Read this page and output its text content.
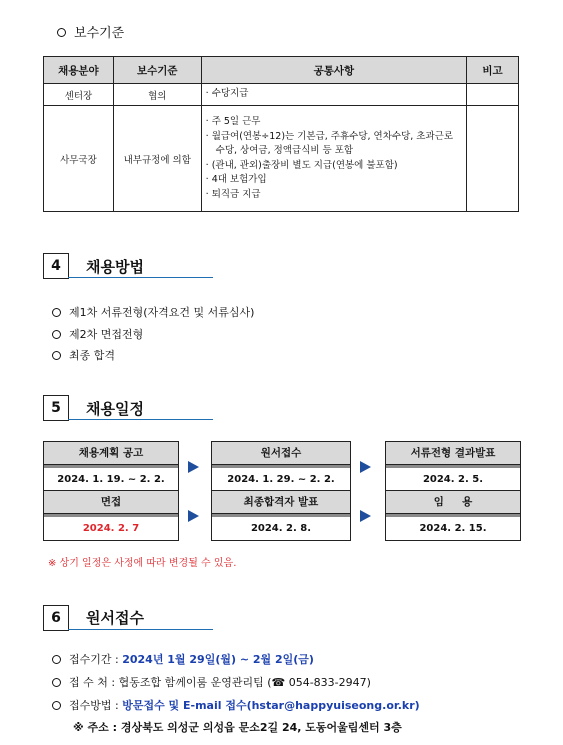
보수기준
채용분야	보수기준	공통사항	비고
센터장	협의	· 수당지급	

사무국장	내부규정에 의함	· 주 5일 근무
· 월급여(연봉÷12)는 기본급, 주휴수당, 연차수당, 초과근로수당, 상여금, 정액급식비 등 포함
· (관내, 관외)출장비 별도 지급(연봉에 불포함)
· 4대 보험가입
· 퇴직금 지급	

4	채용방법
제1차 서류전형(자격요건 및 서류심사)
제2차 면접전형
최종 합격
5	채용일정
채용계획 공고
2024. 1. 19. ~ 2. 2.
원서접수
2024. 1. 29. ~ 2. 2.
서류전형 결과발표
2024. 2. 5.
면접
2024. 2. 7
최종합격자 발표
2024. 2. 8.
임     용
2024. 2. 15.
※ 상기 일정은 사정에 따라 변경될 수 있음.
6	원서접수
접수기간 : 2024년 1월 29일(월) ~ 2월 2일(금)
접 수 처 : 협동조합 함께이룸 운영관리팀 (☎ 054-833-2947)
접수방법 : 방문접수 및 E-mail 접수(hstar@happyuiseong.or.kr)
※ 주소 : 경상북도 의성군 의성읍 문소2길 24, 도동어울림센터 3층
